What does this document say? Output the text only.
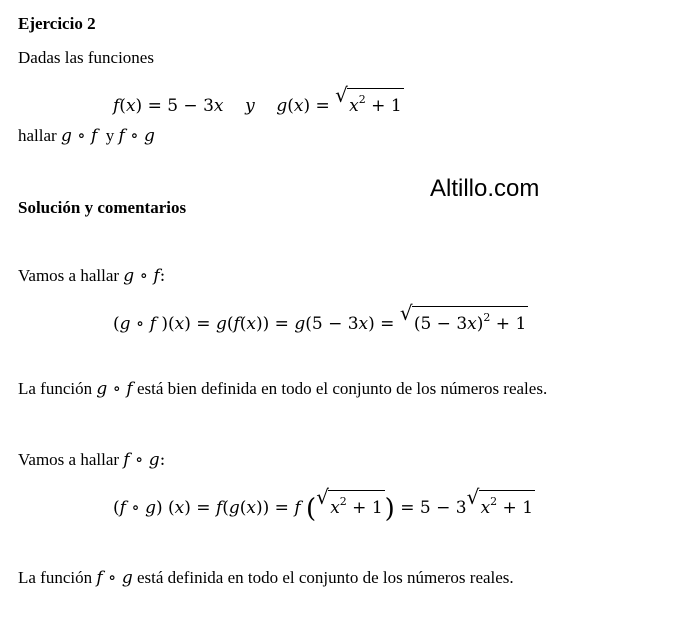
Ejercicio 2
Dadas las funciones
f(x) = 5 − 3x y g(x) = √ $x^2 + 1$
hallar g ∘ f y f ∘ g
Altillo.com
Solución y comentarios
Vamos a hallar g ∘ f:
(g ∘ f )(x) = g(f(x)) = g(5 − 3x) = √ $(5 - 3x)^2 + 1$
La función g ∘ f está bien definida en todo el conjunto de los números reales.
Vamos a hallar f ∘ g:
(f ∘ g) (x) = f(g(x)) = f ( √ $x^2 + 1) = 5 - 3$ √ $x^2 + 1$
La función f ∘ g está definida en todo el conjunto de los números reales.
